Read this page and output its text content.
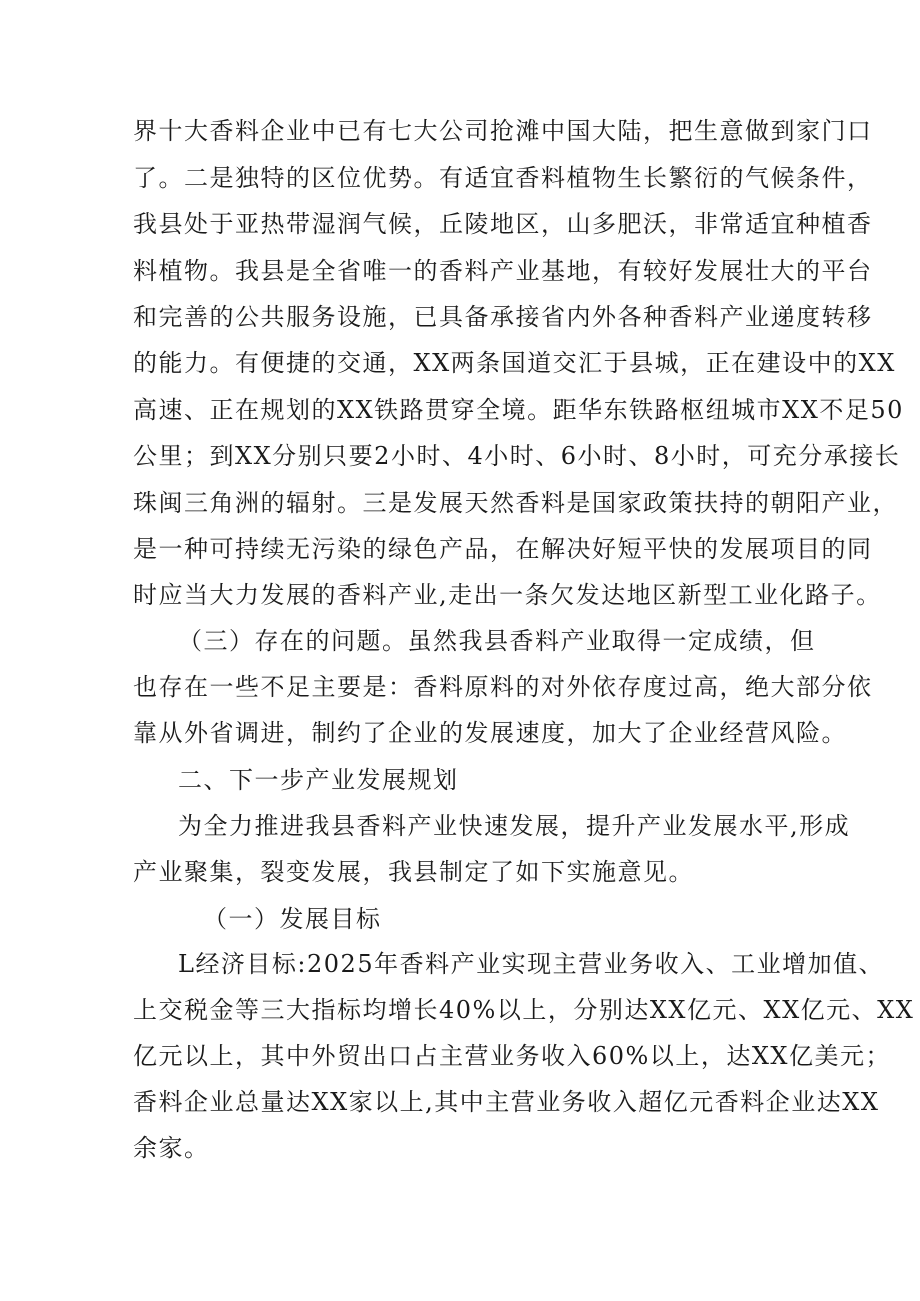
界十大香料企业中已有七大公司抢滩中国大陆，把生意做到家门口
了。二是独特的区位优势。有适宜香料植物生长繁衍的气候条件，
我县处于亚热带湿润气候，丘陵地区，山多肥沃，非常适宜种植香
料植物。我县是全省唯一的香料产业基地，有较好发展壮大的平台
和完善的公共服务设施，已具备承接省内外各种香料产业递度转移
的能力。有便捷的交通，XX两条国道交汇于县城，正在建设中的XX
高速、正在规划的XX铁路贯穿全境。距华东铁路枢纽城市XX不足50
公里；到XX分别只要2小时、4小时、6小时、8小时，可充分承接长
珠闽三角洲的辐射。三是发展天然香料是国家政策扶持的朝阳产业，
是一种可持续无污染的绿色产品，在解决好短平快的发展项目的同
时应当大力发展的香料产业,走出一条欠发达地区新型工业化路子。
（三）存在的问题。虽然我县香料产业取得一定成绩，但
也存在一些不足主要是：香料原料的对外依存度过高，绝大部分依
靠从外省调进，制约了企业的发展速度，加大了企业经营风险。
二、下一步产业发展规划
为全力推进我县香料产业快速发展，提升产业发展水平,形成
产业聚集，裂变发展，我县制定了如下实施意见。
（一）发展目标
L经济目标:2025年香料产业实现主营业务收入、工业增加值、
上交税金等三大指标均增长40%以上，分别达XX亿元、XX亿元、XX
亿元以上，其中外贸出口占主营业务收入60%以上，达XX亿美元；
香料企业总量达XX家以上,其中主营业务收入超亿元香料企业达XX
余家。
